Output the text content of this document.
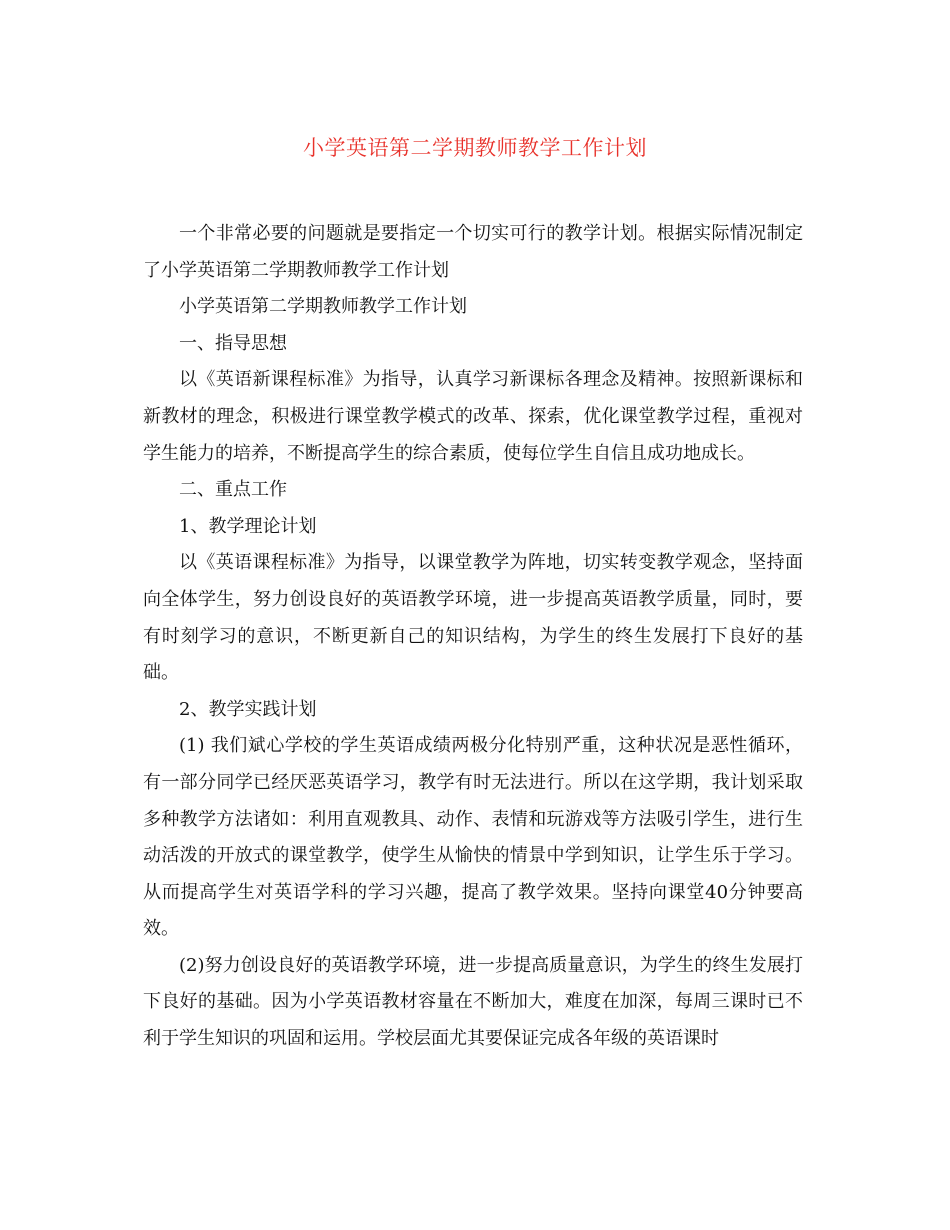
小学英语第二学期教师教学工作计划

一个非常必要的问题就是要指定一个切实可行的教学计划。根据实际情况制定了小学英语第二学期教师教学工作计划

小学英语第二学期教师教学工作计划

一、指导思想

以《英语新课程标准》为指导，认真学习新课标各理念及精神。按照新课标和新教材的理念，积极进行课堂教学模式的改革、探索，优化课堂教学过程，重视对学生能力的培养，不断提高学生的综合素质，使每位学生自信且成功地成长。

二、重点工作

1、教学理论计划

以《英语课程标准》为指导，以课堂教学为阵地，切实转变教学观念，坚持面向全体学生，努力创设良好的英语教学环境，进一步提高英语教学质量，同时，要有时刻学习的意识，不断更新自己的知识结构，为学生的终生发展打下良好的基础。

2、教学实践计划

(1) 我们斌心学校的学生英语成绩两极分化特别严重，这种状况是恶性循环，有一部分同学已经厌恶英语学习，教学有时无法进行。所以在这学期，我计划采取多种教学方法诸如：利用直观教具、动作、表情和玩游戏等方法吸引学生，进行生动活泼的开放式的课堂教学，使学生从愉快的情景中学到知识，让学生乐于学习。从而提高学生对英语学科的学习兴趣，提高了教学效果。坚持向课堂40分钟要高效。

(2)努力创设良好的英语教学环境，进一步提高质量意识，为学生的终生发展打下良好的基础。因为小学英语教材容量在不断加大，难度在加深，每周三课时已不利于学生知识的巩固和运用。学校层面尤其要保证完成各年级的英语课时
